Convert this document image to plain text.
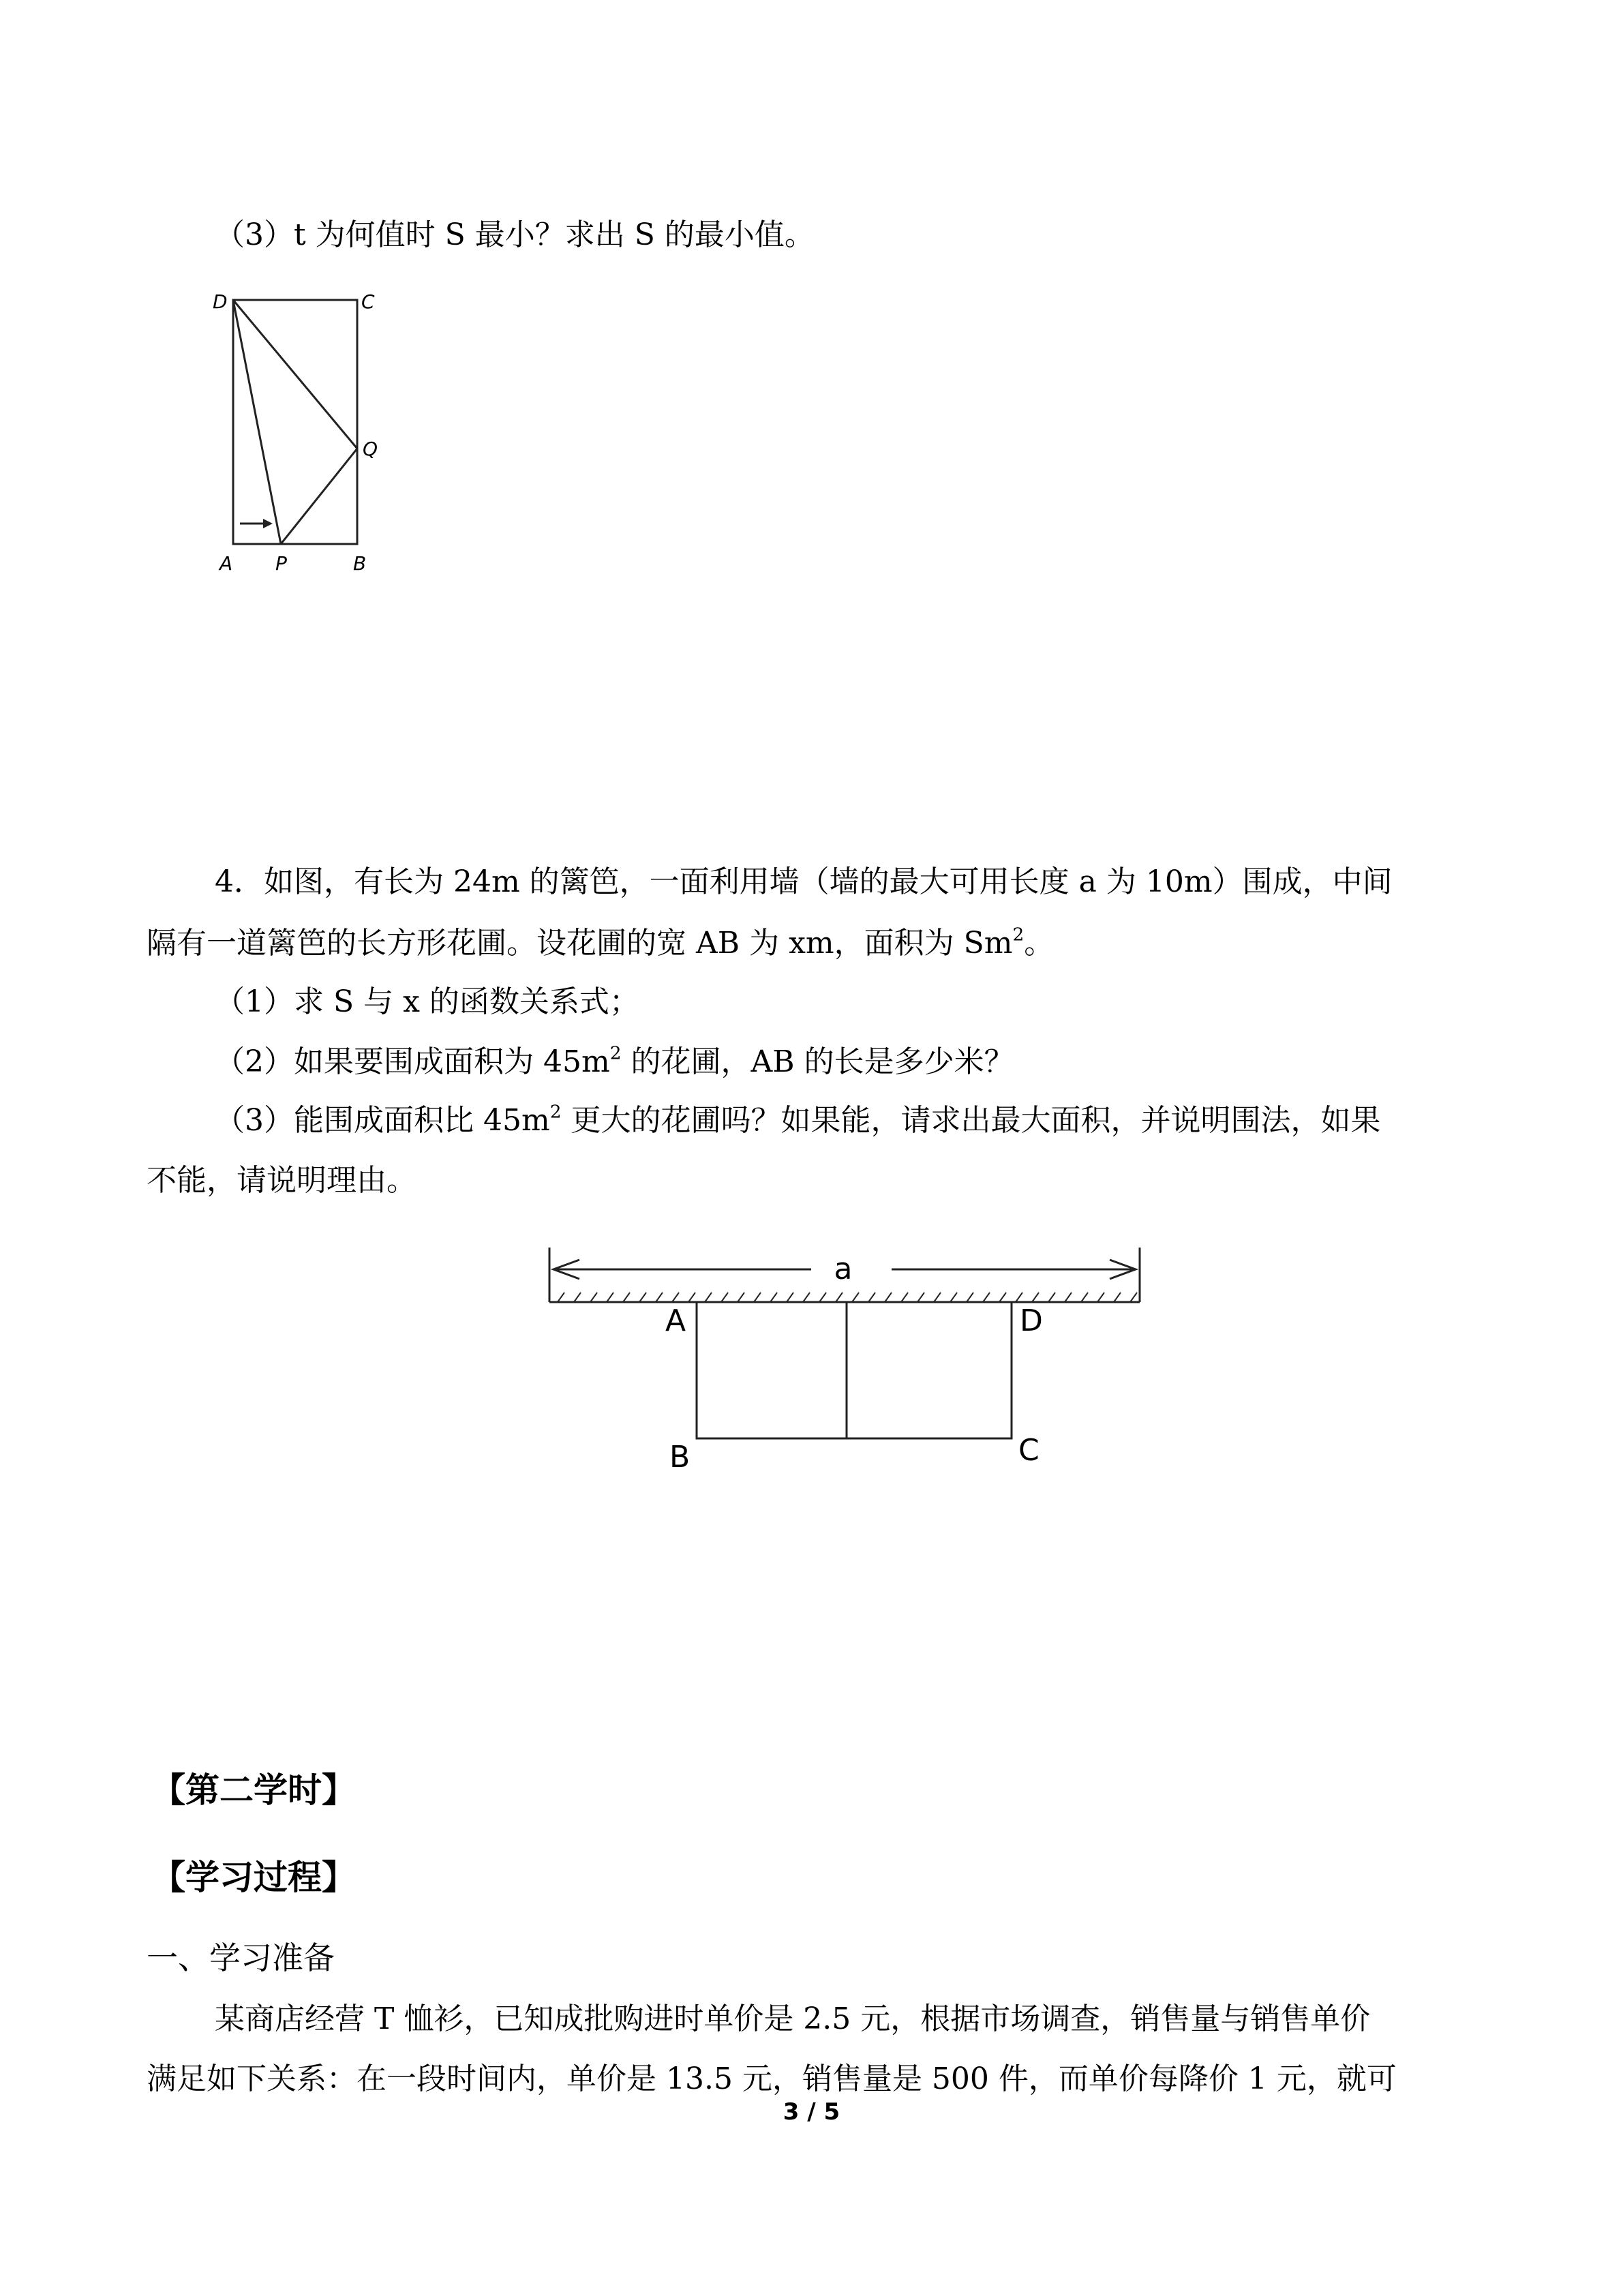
（3）t 为何值时 S 最小？求出 S 的最小值。
D	C
Q
A P	B
4．如图，有长为 24m 的篱笆，一面利用墙（墙的最大可用长度 a 为 10m）围成，中间
隔有一道篱笆的长方形花圃。设花圃的宽 AB 为 xm，面积为 Sm$^2$。
（1）求 S 与 x 的函数关系式；
（2）如果要围成面积为 $45m^2$ 的花圃，AB 的长是多少米？
（3）能围成面积比 $45m^2$ 更大的花圃吗？如果能，请求出最大面积，并说明围法，如果
不能，请说明理由。
a
A	D
B	C
【第二学时】
【学习过程】
一、学习准备
某商店经营 T 恤衫，已知成批购进时单价是 2.5 元，根据市场调查，销售量与销售单价
满足如下关系：在一段时间内，单价是 13.5 元，销售量是 500 件，而单价每降价 1 元，就可
3 / 5
